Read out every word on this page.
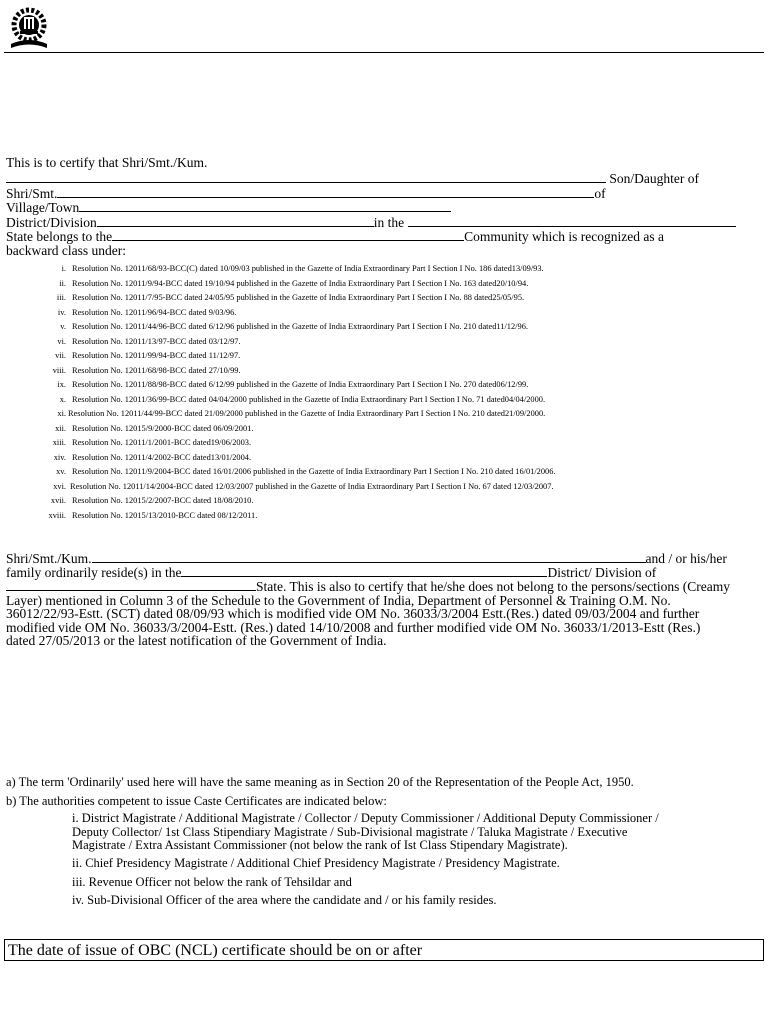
This is to certify that Shri/Smt./Kum.
Son/Daughter of
Shri/Smt.	of
Village/Town
District/Division	in the
State belongs to the	Community which is recognized as a
backward class under:
i. Resolution No. 12011/68/93-BCC(C) dated 10/09/03 published in the Gazette of India Extraordinary Part I Section I No. 186 dated13/09/93.
ii. Resolution No. 12011/9/94-BCC dated 19/10/94 published in the Gazette of India Extraordinary Part I Section I No. 163 dated20/10/94.
iii. Resolution No. 12011/7/95-BCC dated 24/05/95 published in the Gazette of India Extraordinary Part I Section I No. 88 dated25/05/95.
iv. Resolution No. 12011/96/94-BCC dated 9/03/96.
v. Resolution No. 12011/44/96-BCC dated 6/12/96 published in the Gazette of India Extraordinary Part I Section I No. 210 dated11/12/96.
vi. Resolution No. 12011/13/97-BCC dated 03/12/97.
vii. Resolution No. 12011/99/94-BCC dated 11/12/97.
viii. Resolution No. 12011/68/98-BCC dated 27/10/99.
ix. Resolution No. 12011/88/98-BCC dated 6/12/99 published in the Gazette of India Extraordinary Part I Section I No. 270 dated06/12/99.
x. Resolution No. 12011/36/99-BCC dated 04/04/2000 published in the Gazette of India Extraordinary Part I Section I No. 71 dated04/04/2000.
xi. Resolution No. 12011/44/99-BCC dated 21/09/2000 published in the Gazette of India Extraordinary Part I Section I No. 210 dated21/09/2000.
xii. Resolution No. 12015/9/2000-BCC dated 06/09/2001.
xiii. Resolution No. 12011/1/2001-BCC dated19/06/2003.
xiv. Resolution No. 12011/4/2002-BCC dated13/01/2004.
xv. Resolution No. 12011/9/2004-BCC dated 16/01/2006 published in the Gazette of India Extraordinary Part I Section I No. 210 dated 16/01/2006.
xvi. Resolution No. 12011/14/2004-BCC dated 12/03/2007 published in the Gazette of India Extraordinary Part I Section I No. 67 dated 12/03/2007.
xvii. Resolution No. 12015/2/2007-BCC dated 18/08/2010.
xviii. Resolution No. 12015/13/2010-BCC dated 08/12/2011.
Shri/Smt./Kum.	and / or his/her
family ordinarily reside(s) in the	District/ Division of
State. This is also to certify that he/she does not belong to the persons/sections (Creamy
Layer) mentioned in Column 3 of the Schedule to the Government of India, Department of Personnel & Training O.M. No.
36012/22/93-Estt. (SCT) dated 08/09/93 which is modified vide OM No. 36033/3/2004 Estt.(Res.) dated 09/03/2004 and further
modified vide OM No. 36033/3/2004-Estt. (Res.) dated 14/10/2008 and further modified vide OM No. 36033/1/2013-Estt (Res.)
dated 27/05/2013 or the latest notification of the Government of India.
a) The term 'Ordinarily' used here will have the same meaning as in Section 20 of the Representation of the People Act, 1950.
b) The authorities competent to issue Caste Certificates are indicated below:
i. District Magistrate / Additional Magistrate / Collector / Deputy Commissioner / Additional Deputy Commissioner /
Deputy Collector/ 1st Class Stipendiary Magistrate / Sub-Divisional magistrate / Taluka Magistrate / Executive
Magistrate / Extra Assistant Commissioner (not below the rank of Ist Class Stipendary Magistrate).
ii. Chief Presidency Magistrate / Additional Chief Presidency Magistrate / Presidency Magistrate.
iii. Revenue Officer not below the rank of Tehsildar and
iv. Sub-Divisional Officer of the area where the candidate and / or his family resides.
The date of issue of OBC (NCL) certificate should be on or after
